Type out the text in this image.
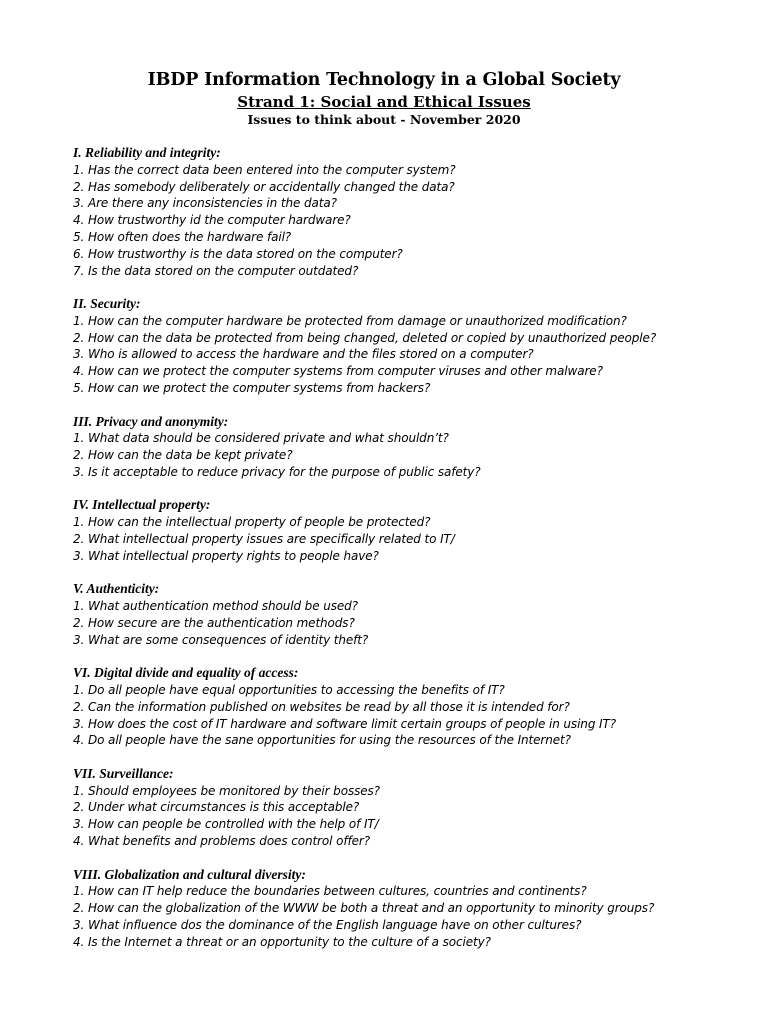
IBDP Information Technology in a Global Society
Strand 1: Social and Ethical Issues
Issues to think about - November 2020
I. Reliability and integrity:
1. Has the correct data been entered into the computer system?
2. Has somebody deliberately or accidentally changed the data?
3. Are there any inconsistencies in the data?
4. How trustworthy id the computer hardware?
5. How often does the hardware fail?
6. How trustworthy is the data stored on the computer?
7. Is the data stored on the computer outdated?
II. Security:
1. How can the computer hardware be protected from damage or unauthorized modification?
2. How can the data be protected from being changed, deleted or copied by unauthorized people?
3. Who is allowed to access the hardware and the files stored on a computer?
4. How can we protect the computer systems from computer viruses and other malware?
5. How can we protect the computer systems from hackers?
III. Privacy and anonymity:
1. What data should be considered private and what shouldn’t?
2. How can the data be kept private?
3. Is it acceptable to reduce privacy for the purpose of public safety?
IV. Intellectual property:
1. How can the intellectual property of people be protected?
2. What intellectual property issues are specifically related to IT/
3. What intellectual property rights to people have?
V. Authenticity:
1. What authentication method should be used?
2. How secure are the authentication methods?
3. What are some consequences of identity theft?
VI. Digital divide and equality of access:
1. Do all people have equal opportunities to accessing the benefits of IT?
2. Can the information published on websites be read by all those it is intended for?
3. How does the cost of IT hardware and software limit certain groups of people in using IT?
4. Do all people have the sane opportunities for using the resources of the Internet?
VII. Surveillance:
1. Should employees be monitored by their bosses?
2. Under what circumstances is this acceptable?
3. How can people be controlled with the help of IT/
4. What benefits and problems does control offer?
VIII. Globalization and cultural diversity:
1. How can IT help reduce the boundaries between cultures, countries and continents?
2. How can the globalization of the WWW be both a threat and an opportunity to minority groups?
3. What influence dos the dominance of the English language have on other cultures?
4. Is the Internet a threat or an opportunity to the culture of a society?
